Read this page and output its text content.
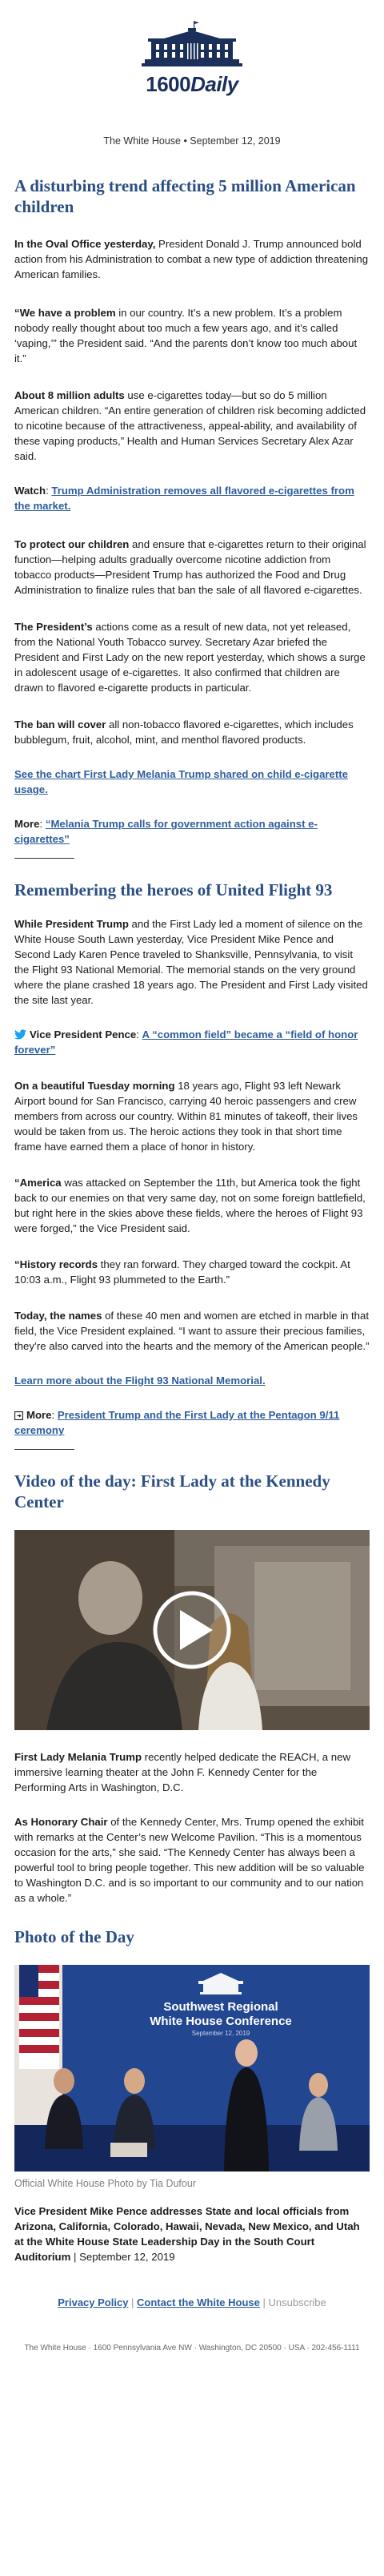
1600Daily
The White House • September 12, 2019
A disturbing trend affecting 5 million American children

In the Oval Office yesterday, President Donald J. Trump announced bold action from his Administration to combat a new type of addiction threatening American families.

“We have a problem in our country. It’s a new problem. It’s a problem nobody really thought about too much a few years ago, and it’s called ‘vaping,’” the President said. “And the parents don’t know too much about it.”

About 8 million adults use e-cigarettes today—but so do 5 million American children. “An entire generation of children risk becoming addicted to nicotine because of the attractiveness, appeal-ability, and availability of these vaping products,” Health and Human Services Secretary Alex Azar said.

Watch: Trump Administration removes all flavored e-cigarettes from the market.

To protect our children and ensure that e-cigarettes return to their original function—helping adults gradually overcome nicotine addiction from tobacco products—President Trump has authorized the Food and Drug Administration to finalize rules that ban the sale of all flavored e-cigarettes.

The President’s actions come as a result of new data, not yet released, from the National Youth Tobacco survey. Secretary Azar briefed the President and First Lady on the new report yesterday, which shows a surge in adolescent usage of e-cigarettes. It also confirmed that children are drawn to flavored e-cigarette products in particular.

The ban will cover all non-tobacco flavored e-cigarettes, which includes bubblegum, fruit, alcohol, mint, and menthol flavored products.

See the chart First Lady Melania Trump shared on child e-cigarette usage.

More: “Melania Trump calls for government action against e-cigarettes”

Remembering the heroes of United Flight 93

While President Trump and the First Lady led a moment of silence on the White House South Lawn yesterday, Vice President Mike Pence and Second Lady Karen Pence traveled to Shanksville, Pennsylvania, to visit the Flight 93 National Memorial. The memorial stands on the very ground where the plane crashed 18 years ago. The President and First Lady visited the site last year.

Vice President Pence: A “common field” became a “field of honor forever”

On a beautiful Tuesday morning 18 years ago, Flight 93 left Newark Airport bound for San Francisco, carrying 40 heroic passengers and crew members from across our country. Within 81 minutes of takeoff, their lives would be taken from us. The heroic actions they took in that short time frame have earned them a place of honor in history.

“America was attacked on September the 11th, but America took the fight back to our enemies on that very same day, not on some foreign battlefield, but right here in the skies above these fields, where the heroes of Flight 93 were forged,” the Vice President said.

“History records they ran forward. They charged toward the cockpit. At 10:03 a.m., Flight 93 plummeted to the Earth.”

Today, the names of these 40 men and women are etched in marble in that field, the Vice President explained. “I want to assure their precious families, they’re also carved into the hearts and the memory of the American people.”

Learn more about the Flight 93 National Memorial.

More: President Trump and the First Lady at the Pentagon 9/11 ceremony

Video of the day: First Lady at the Kennedy Center

First Lady Melania Trump recently helped dedicate the REACH, a new immersive learning theater at the John F. Kennedy Center for the Performing Arts in Washington, D.C.

As Honorary Chair of the Kennedy Center, Mrs. Trump opened the exhibit with remarks at the Center’s new Welcome Pavilion. “This is a momentous occasion for the arts,” she said. “The Kennedy Center has always been a powerful tool to bring people together. This new addition will be so valuable to Washington D.C. and is so important to our community and to our nation as a whole.”

Photo of the Day
Southwest Regional
White House Conference
September 12, 2019
Official White House Photo by Tia Dufour

Vice President Mike Pence addresses State and local officials from Arizona, California, Colorado, Hawaii, Nevada, New Mexico, and Utah at the White House State Leadership Day in the South Court Auditorium | September 12, 2019

Privacy Policy | Contact the White House | Unsubscribe
The White House · 1600 Pennsylvania Ave NW · Washington, DC 20500 · USA · 202-456-1111
